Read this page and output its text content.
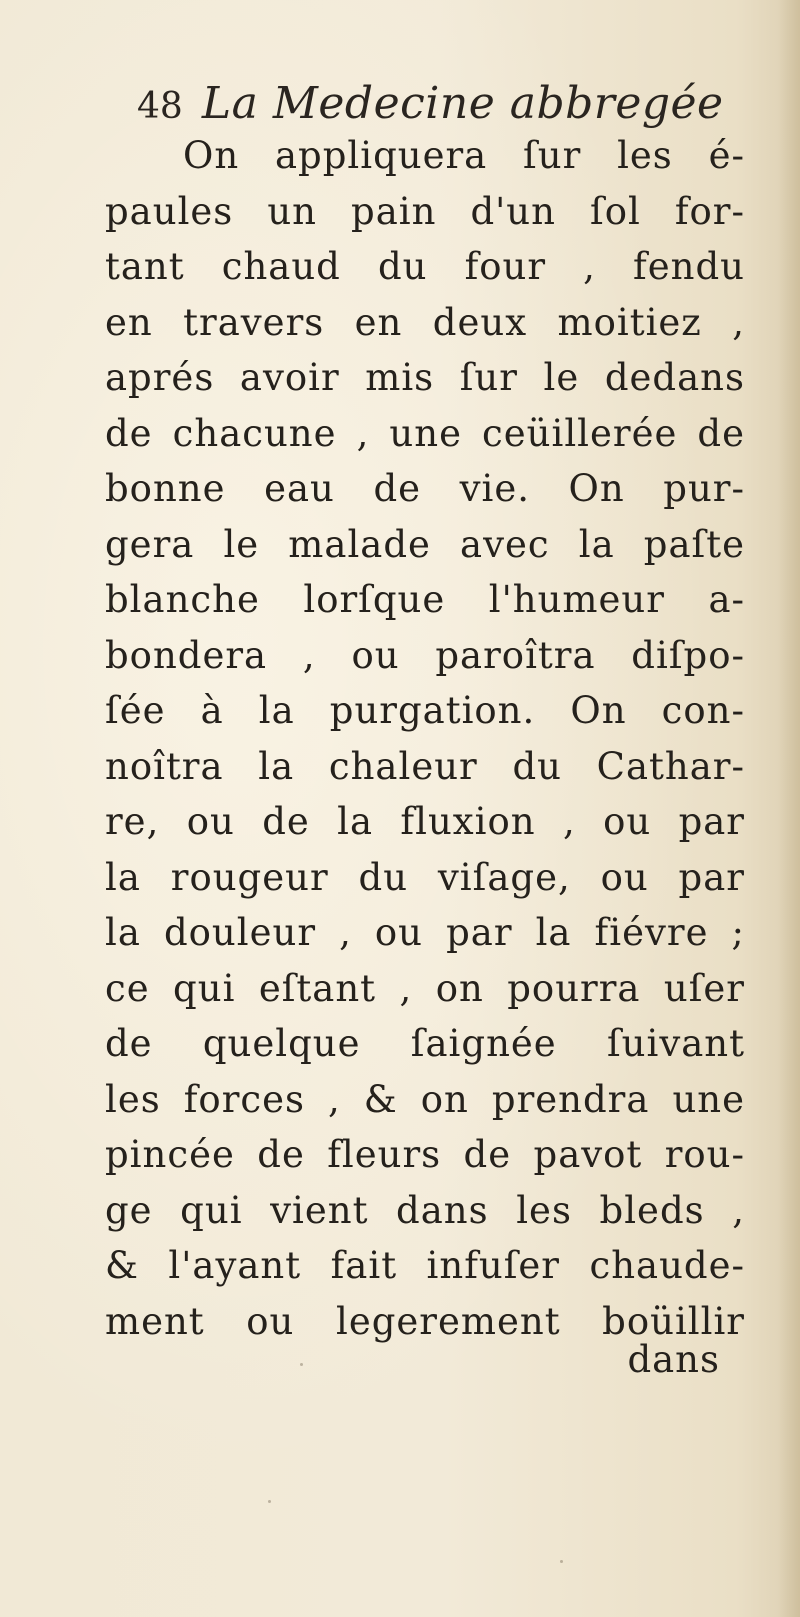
48 La Medecine abbregée
On appliquera ſur les é-
paules un pain d'un ſol for-
tant chaud du four , fendu
en travers en deux moitiez ,
aprés avoir mis ſur le dedans
de chacune , une ceüillerée de
bonne eau de vie. On pur-
gera le malade avec la paſte
blanche lorſque l'humeur a-
bondera , ou paroîtra diſpo-
ſée à la purgation. On con-
noîtra la chaleur du Cathar-
re, ou de la fluxion , ou par
la rougeur du viſage, ou par
la douleur , ou par la fiévre ;
ce qui eſtant , on pourra uſer
de quelque ſaignée ſuivant
les forces , & on prendra une
pincée de fleurs de pavot rou-
ge qui vient dans les bleds ,
& l'ayant fait infuſer chaude-
ment ou legerement boüillir
dans
